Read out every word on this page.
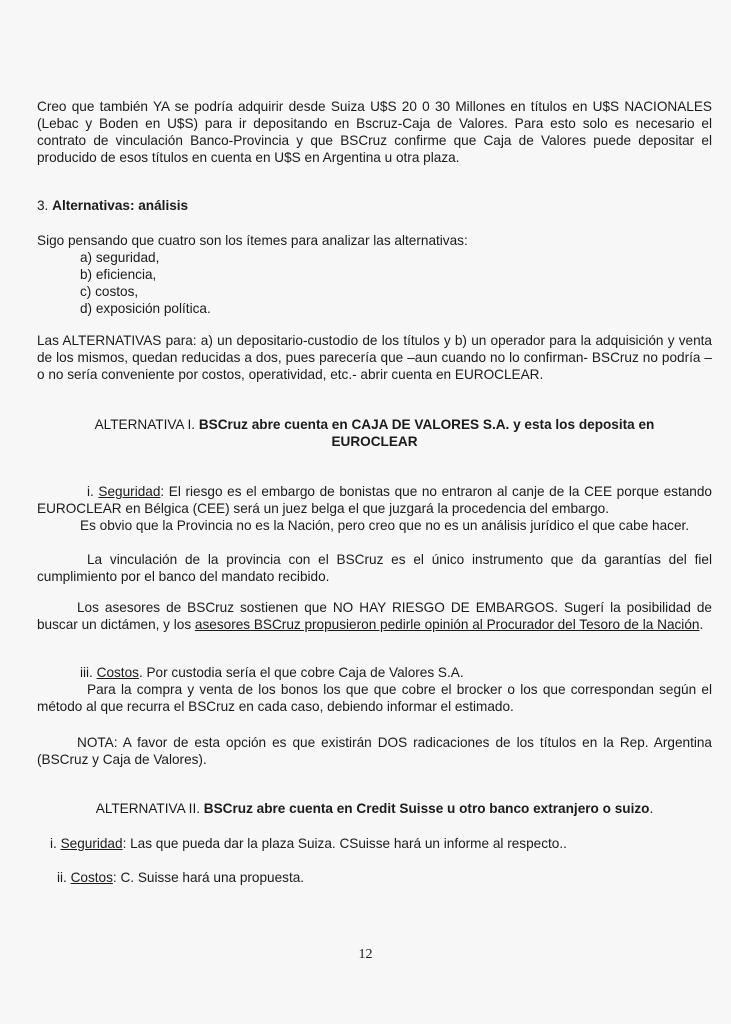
Creo que también YA se podría adquirir desde Suiza U$S 20 0 30 Millones en títulos en U$S NACIONALES (Lebac y Boden en U$S) para ir depositando en Bscruz-Caja de Valores. Para esto solo es necesario el contrato de vinculación Banco-Provincia y que BSCruz confirme que Caja de Valores puede depositar el producido de esos títulos en cuenta en U$S en Argentina u otra plaza.
3. Alternativas: análisis
Sigo pensando que cuatro son los ítemes para analizar las alternativas:
a) seguridad,
b) eficiencia,
c) costos,
d) exposición política.
Las ALTERNATIVAS para: a) un depositario-custodio de los títulos y b) un operador para la adquisición y venta de los mismos, quedan reducidas a dos, pues parecería que –aun cuando no lo confirman- BSCruz no podría –o no sería conveniente por costos, operatividad, etc.- abrir cuenta en EUROCLEAR.
ALTERNATIVA I. BSCruz abre cuenta en CAJA DE VALORES S.A. y esta los deposita en
EUROCLEAR
i. Seguridad: El riesgo es el embargo de bonistas que no entraron al canje de la CEE porque estando EUROCLEAR en Bélgica (CEE) será un juez belga el que juzgará la procedencia del embargo.
Es obvio que la Provincia no es la Nación, pero creo que no es un análisis jurídico el que cabe hacer.
La vinculación de la provincia con el BSCruz es el único instrumento que da garantías del fiel cumplimiento por el banco del mandato recibido.
Los asesores de BSCruz sostienen que NO HAY RIESGO DE EMBARGOS. Sugerí la posibilidad de buscar un dictámen, y los asesores BSCruz propusieron pedirle opinión al Procurador del Tesoro de la Nación.
iii. Costos. Por custodia sería el que cobre Caja de Valores S.A.
Para la compra y venta de los bonos los que que cobre el brocker o los que correspondan según el método al que recurra el BSCruz en cada caso, debiendo informar el estimado.
NOTA: A favor de esta opción es que existirán DOS radicaciones de los títulos en la Rep. Argentina (BSCruz y Caja de Valores).
ALTERNATIVA II. BSCruz abre cuenta en Credit Suisse u otro banco extranjero o suizo.
i. Seguridad: Las que pueda dar la plaza Suiza. CSuisse hará un informe al respecto..
ii. Costos: C. Suisse hará una propuesta.
12
